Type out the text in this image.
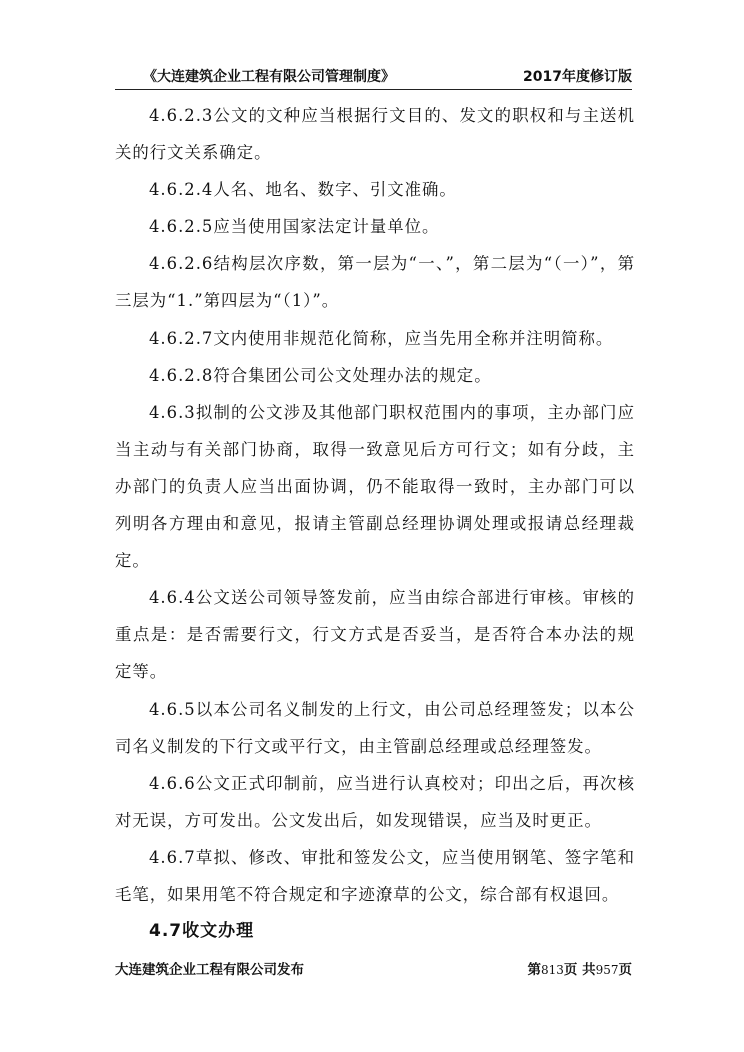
《大连建筑企业工程有限公司管理制度》	2017年度修订版

4.6.2.3公文的文种应当根据行文目的、发文的职权和与主送机关的行文关系确定。

4.6.2.4人名、地名、数字、引文准确。

4.6.2.5应当使用国家法定计量单位。

4.6.2.6结构层次序数，第一层为“一、”，第二层为“（一）”，第三层为“1.”第四层为“（1）”。

4.6.2.7文内使用非规范化简称，应当先用全称并注明简称。

4.6.2.8符合集团公司公文处理办法的规定。

4.6.3拟制的公文涉及其他部门职权范围内的事项，主办部门应当主动与有关部门协商，取得一致意见后方可行文；如有分歧，主办部门的负责人应当出面协调，仍不能取得一致时，主办部门可以列明各方理由和意见，报请主管副总经理协调处理或报请总经理裁定。

4.6.4公文送公司领导签发前，应当由综合部进行审核。审核的重点是：是否需要行文，行文方式是否妥当，是否符合本办法的规定等。

4.6.5以本公司名义制发的上行文，由公司总经理签发；以本公司名义制发的下行文或平行文，由主管副总经理或总经理签发。

4.6.6公文正式印制前，应当进行认真校对；印出之后，再次核对无误，方可发出。公文发出后，如发现错误，应当及时更正。

4.6.7草拟、修改、审批和签发公文，应当使用钢笔、签字笔和毛笔，如果用笔不符合规定和字迹潦草的公文，综合部有权退回。

4.7收文办理

大连建筑企业工程有限公司发布	第813页 共957页
